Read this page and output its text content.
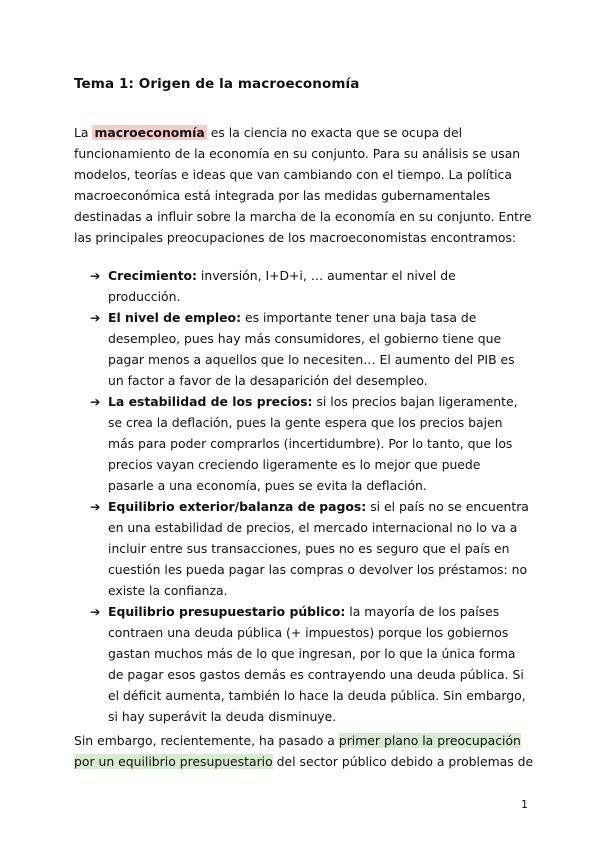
Tema 1: Origen de la macroeconomía
La macroeconomía es la ciencia no exacta que se ocupa del funcionamiento de la economía en su conjunto. Para su análisis se usan modelos, teorías e ideas que van cambiando con el tiempo. La política macroeconómica está integrada por las medidas gubernamentales destinadas a influir sobre la marcha de la economía en su conjunto. Entre las principales preocupaciones de los macroeconomistas encontramos:
➔ Crecimiento: inversión, I+D+i, … aumentar el nivel de producción.
➔ El nivel de empleo: es importante tener una baja tasa de desempleo, pues hay más consumidores, el gobierno tiene que pagar menos a aquellos que lo necesiten… El aumento del PIB es un factor a favor de la desaparición del desempleo.
➔ La estabilidad de los precios: si los precios bajan ligeramente, se crea la deflación, pues la gente espera que los precios bajen más para poder comprarlos (incertidumbre). Por lo tanto, que los precios vayan creciendo ligeramente es lo mejor que puede pasarle a una economía, pues se evita la deflación.
➔ Equilibrio exterior/balanza de pagos: si el país no se encuentra en una estabilidad de precios, el mercado internacional no lo va a incluir entre sus transacciones, pues no es seguro que el país en cuestión les pueda pagar las compras o devolver los préstamos: no existe la confianza.
➔ Equilibrio presupuestario público: la mayoría de los países contraen una deuda pública (+ impuestos) porque los gobiernos gastan muchos más de lo que ingresan, por lo que la única forma de pagar esos gastos demás es contrayendo una deuda pública. Si el déficit aumenta, también lo hace la deuda pública. Sin embargo, si hay superávit la deuda disminuye.
Sin embargo, recientemente, ha pasado a primer plano la preocupación por un equilibrio presupuestario del sector público debido a problemas de
1
